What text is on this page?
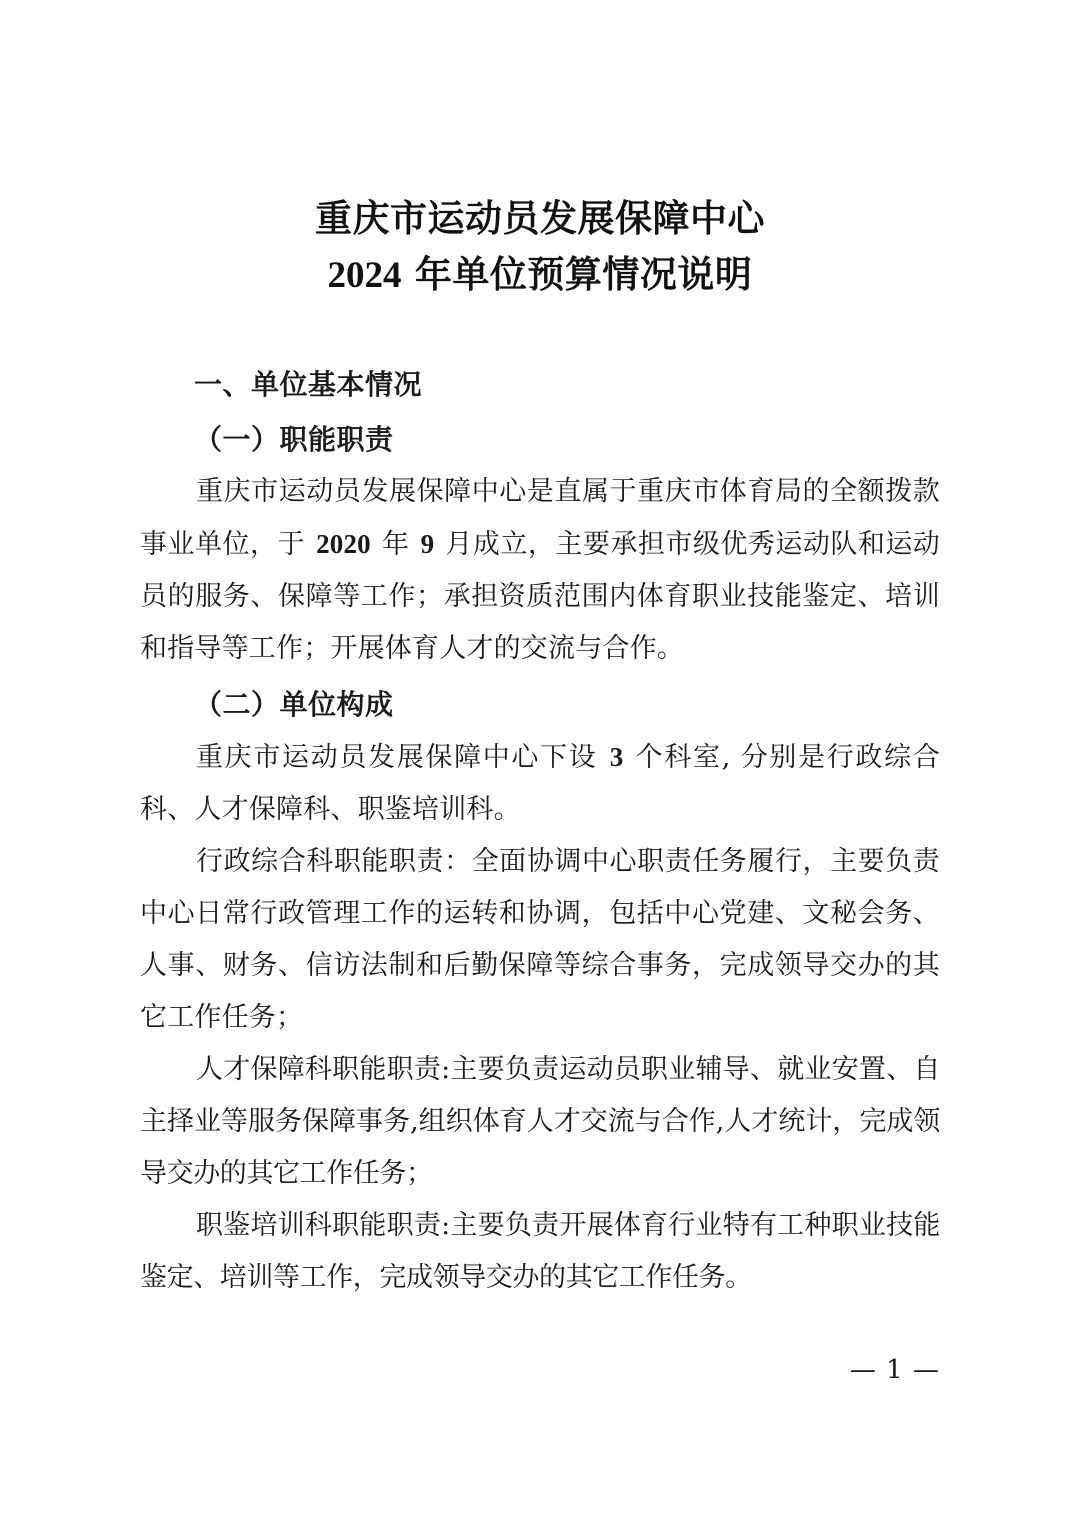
重庆市运动员发展保障中心
2024 年单位预算情况说明
一、单位基本情况
（一）职能职责

重庆市运动员发展保障中心是直属于重庆市体育局的全额拨款事业单位，于 2020 年 9 月成立，主要承担市级优秀运动队和运动员的服务、保障等工作；承担资质范围内体育职业技能鉴定、培训和指导等工作；开展体育人才的交流与合作。

（二）单位构成

重庆市运动员发展保障中心下设 3 个科室, 分别是行政综合科、人才保障科、职鉴培训科。

行政综合科职能职责：全面协调中心职责任务履行，主要负责中心日常行政管理工作的运转和协调，包括中心党建、文秘会务、人事、财务、信访法制和后勤保障等综合事务，完成领导交办的其它工作任务；

人才保障科职能职责:主要负责运动员职业辅导、就业安置、自主择业等服务保障事务,组织体育人才交流与合作,人才统计，完成领导交办的其它工作任务；

职鉴培训科职能职责:主要负责开展体育行业特有工种职业技能鉴定、培训等工作，完成领导交办的其它工作任务。

— 1 —
